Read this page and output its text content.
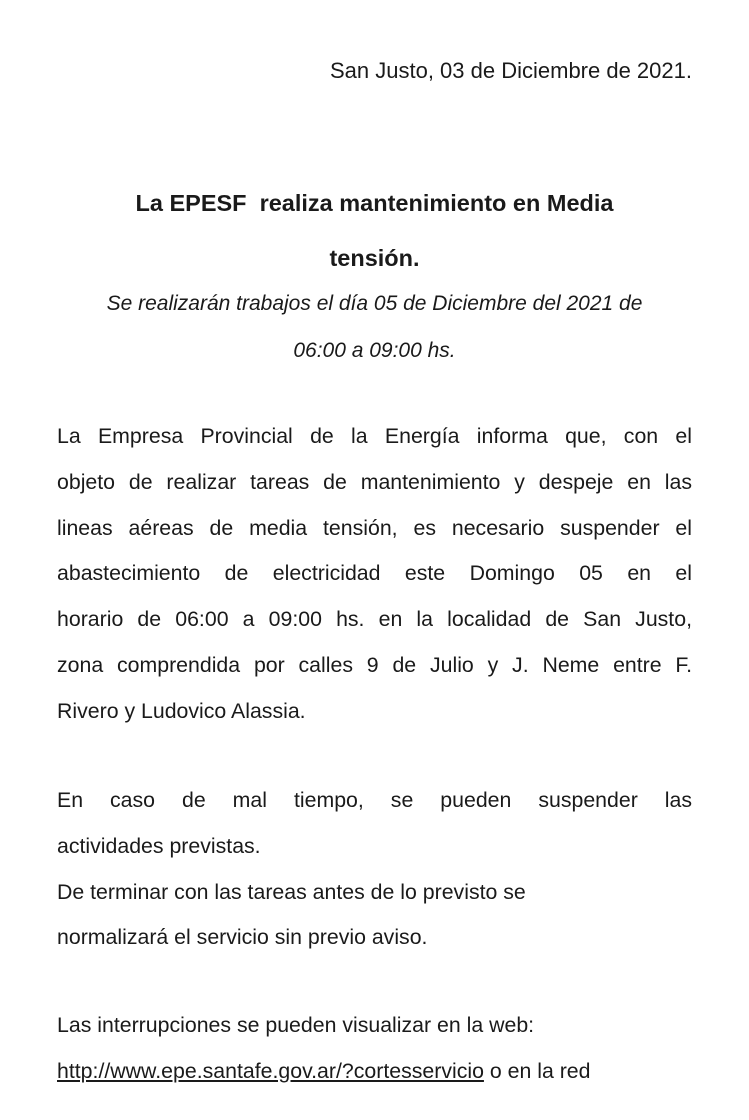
San Justo, 03 de Diciembre de 2021.
La EPESF  realiza mantenimiento en Media
tensión.

Se realizarán trabajos el día 05 de Diciembre del 2021 de
06:00 a 09:00 hs.

La Empresa Provincial de la Energía informa que, con el
objeto de realizar tareas de mantenimiento y despeje en las
lineas aéreas de media tensión, es necesario suspender el
abastecimiento de electricidad este Domingo 05 en el
horario de 06:00 a 09:00 hs. en la localidad de San Justo,
zona comprendida por calles 9 de Julio y J. Neme entre F.
Rivero y Ludovico Alassia.

En caso de mal tiempo, se pueden suspender las
actividades previstas.
De terminar con las tareas antes de lo previsto se
normalizará el servicio sin previo aviso.

Las interrupciones se pueden visualizar en la web:
http://www.epe.santafe.gov.ar/?cortesservicio o en la red
